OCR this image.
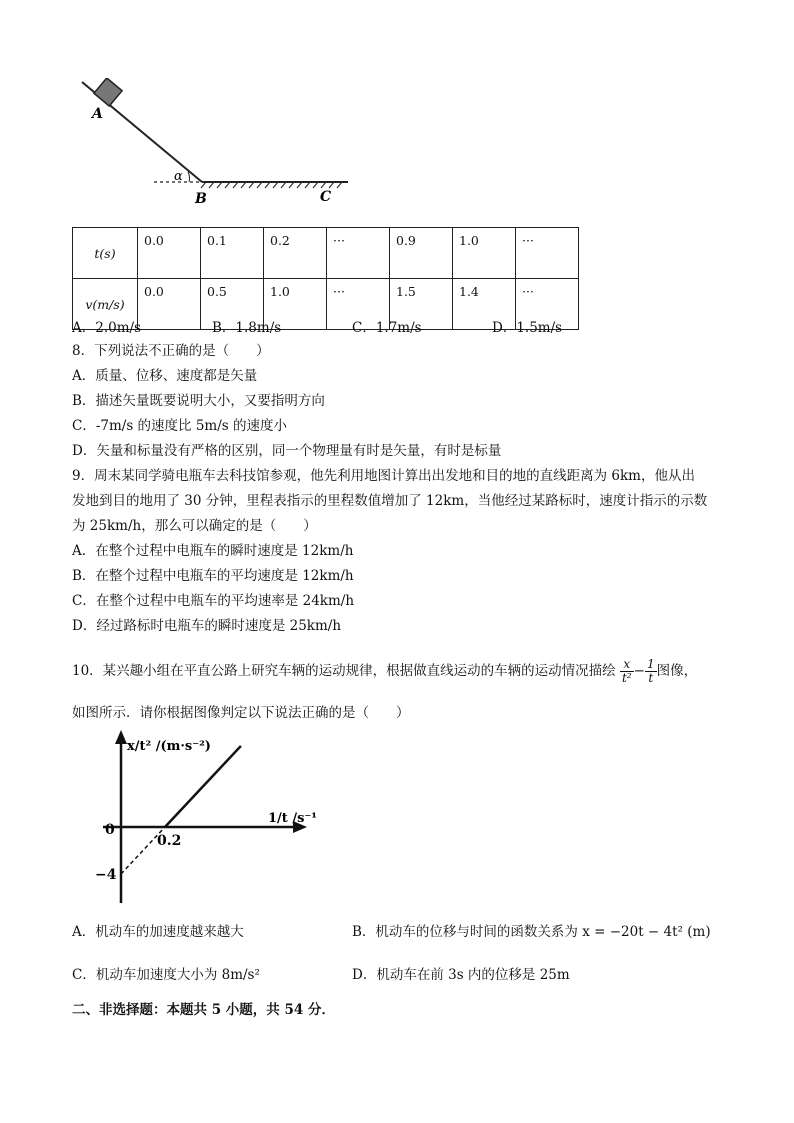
A
α
B	C
t(s)	0.0	0.1	0.2	···	0.9	1.0	···
v(m/s)	0.0	0.5	1.0	···	1.5	1.4	···
A．2.0m/s	B．1.8m/s	C．1.7m/s	D．1.5m/s
8．下列说法不正确的是（　　）
A．质量、位移、速度都是矢量
B．描述矢量既要说明大小，又要指明方向
C．-7m/s 的速度比 5m/s 的速度小
D．矢量和标量没有严格的区别，同一个物理量有时是矢量，有时是标量
9．周末某同学骑电瓶车去科技馆参观，他先利用地图计算出出发地和目的地的直线距离为 6km，他从出
发地到目的地用了 30 分钟，里程表指示的里程数值增加了 12km，当他经过某路标时，速度计指示的示数
为 25km/h，那么可以确定的是（　　）
A．在整个过程中电瓶车的瞬时速度是 12km/h
B．在整个过程中电瓶车的平均速度是 12km/h
C．在整个过程中电瓶车的平均速率是 24km/h
D．经过路标时电瓶车的瞬时速度是 25km/h
10．某兴趣小组在平直公路上研究车辆的运动规律，根据做直线运动的车辆的运动情况描绘 $\frac{x}{\text{t²}} - \frac{1}{t}$ 图像，
如图所示．请你根据图像判定以下说法正确的是（　　）
x/t² /(m·s⁻²)
1/t /s⁻¹
0
0.2
−4
A．机动车的加速度越来越大	B．机动车的位移与时间的函数关系为 x = −20t − 4t² (m)
C．机动车加速度大小为 8m/s²	D．机动车在前 3s 内的位移是 25m
二、非选择题：本题共 5 小题，共 54 分．
